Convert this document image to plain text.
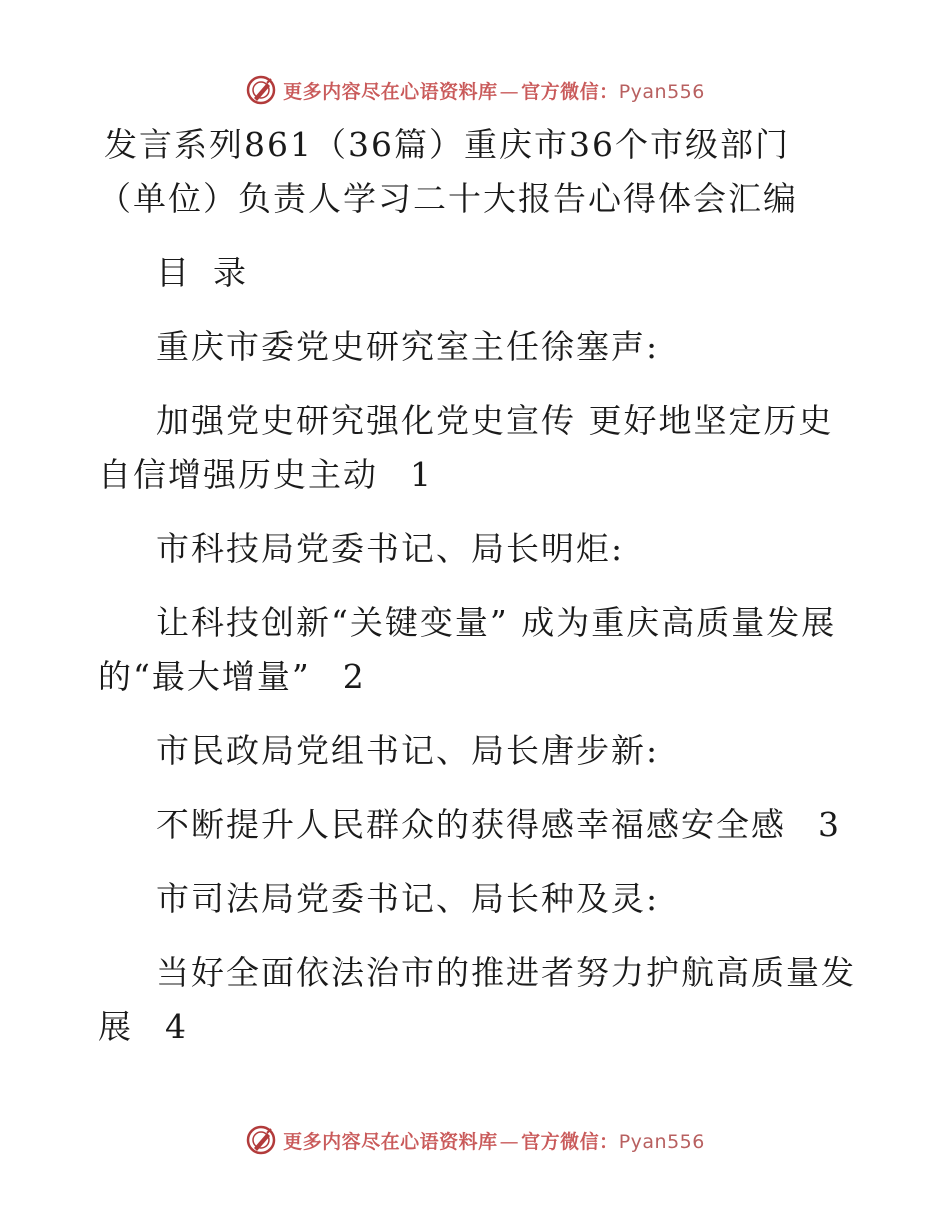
更多内容尽在心语资料库 — 官方微信：Pyan556

发言系列861（36篇）重庆市36个市级部门（单位）负责人学习二十大报告心得体会汇编

目录

重庆市委党史研究室主任徐塞声:

加强党史研究强化党史宣传 更好地坚定历史自信增强历史主动 1

市科技局党委书记、局长明炬:

让科技创新“关键变量” 成为重庆高质量发展的“最大增量” 2

市民政局党组书记、局长唐步新:

不断提升人民群众的获得感幸福感安全感 3

市司法局党委书记、局长种及灵:

当好全面依法治市的推进者努力护航高质量发展 4

更多内容尽在心语资料库 — 官方微信：Pyan556
